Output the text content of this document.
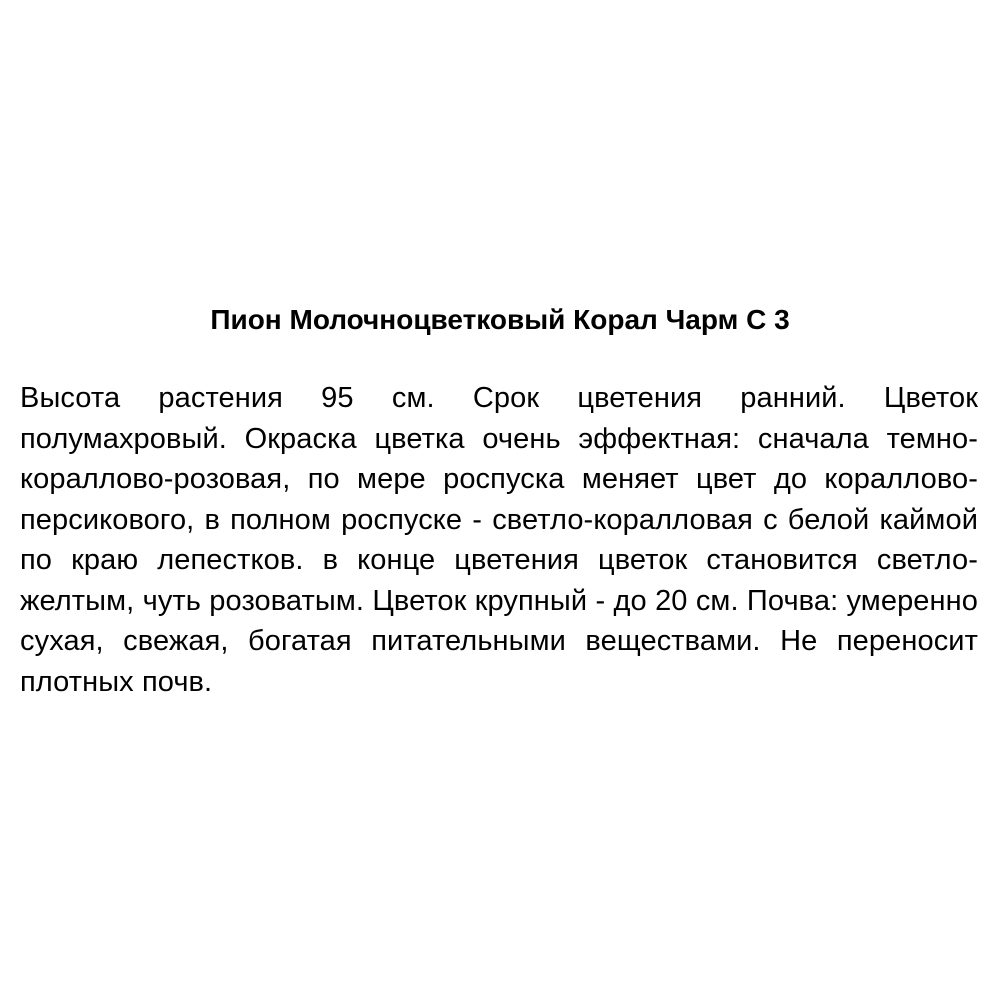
Пион Молочноцветковый Корал Чарм С 3

Высота растения 95 см. Срок цветения ранний. Цветок полумахровый. Окраска цветка очень эффектная: сначала темно-кораллово-розовая, по мере роспуска меняет цвет до кораллово-персикового, в полном роспуске - светло-коралловая с белой каймой по краю лепестков. в конце цветения цветок становится светло-желтым, чуть розоватым. Цветок крупный - до 20 см. Почва: умеренно сухая, свежая, богатая питательными веществами. Не переносит плотных почв.
